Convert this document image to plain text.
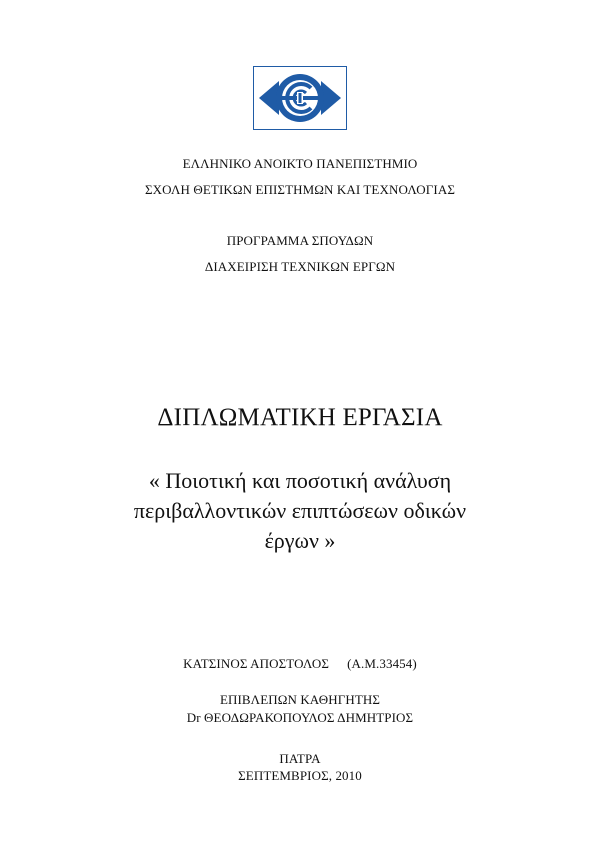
ΕΛΛΗΝΙΚΟ ΑΝΟΙΚΤΟ ΠΑΝΕΠΙΣΤΗΜΙΟ
ΣΧΟΛΗ ΘΕΤΙΚΩΝ ΕΠΙΣΤΗΜΩΝ ΚΑΙ ΤΕΧΝΟΛΟΓΙΑΣ
ΠΡΟΓΡΑΜΜΑ ΣΠΟΥΔΩΝ
ΔΙΑΧΕΙΡΙΣΗ ΤΕΧΝΙΚΩΝ ΕΡΓΩΝ
ΔΙΠΛΩΜΑΤΙΚΗ ΕΡΓΑΣΙΑ
« Ποιοτική και ποσοτική ανάλυση
περιβαλλοντικών επιπτώσεων οδικών
έργων »
ΚΑΤΣΙΝΟΣ ΑΠΟΣΤΟΛΟΣ (Α.Μ.33454)
ΕΠΙΒΛΕΠΩΝ ΚΑΘΗΓΗΤΗΣ
Dr ΘΕΟΔΩΡΑΚΟΠΟΥΛΟΣ ΔΗΜΗΤΡΙΟΣ
ΠΑΤΡΑ
ΣΕΠΤΕΜΒΡΙΟΣ, 2010
